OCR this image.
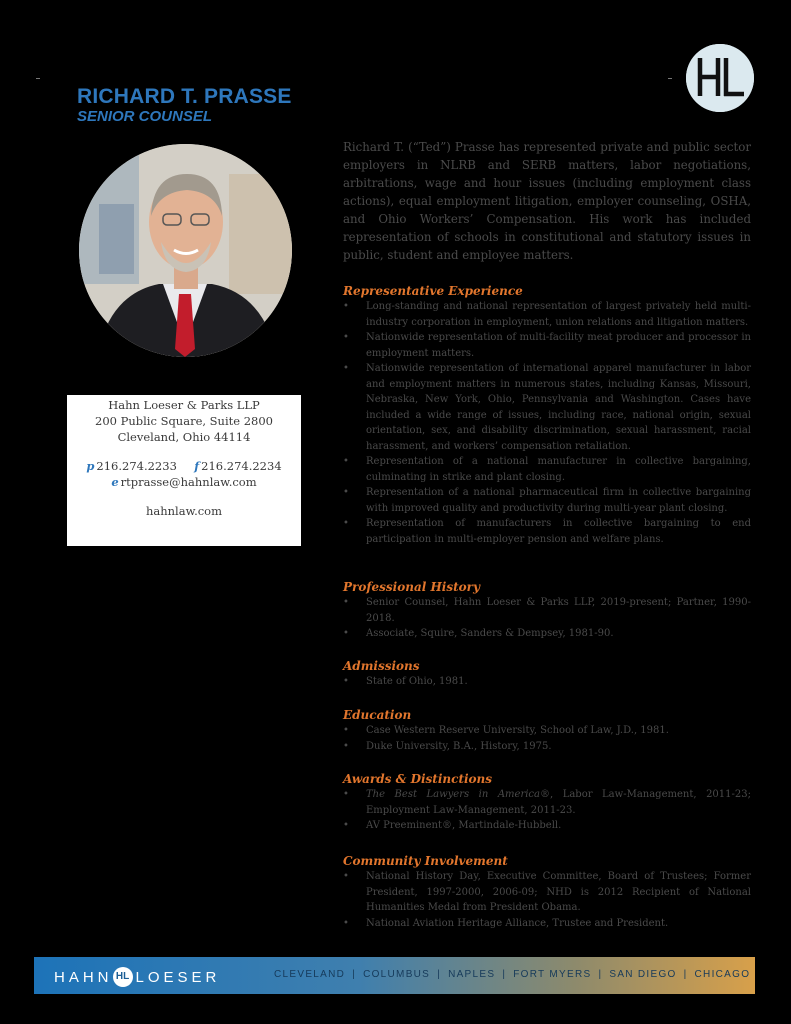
RICHARD T. PRASSE
SENIOR COUNSEL
Hahn Loeser & Parks LLP
200 Public Square, Suite 2800
Cleveland, Ohio 44114
p 216.274.2233 f 216.274.2234
e rtprasse@hahnlaw.com
hahnlaw.com
Richard T. (“Ted”) Prasse has represented private and public sector employers in NLRB and SERB matters, labor negotiations, arbitrations, wage and hour issues (including employment class actions), equal employment litigation, employer counseling, OSHA, and Ohio Workers’ Compensation. His work has included representation of schools in constitutional and statutory issues in public, student and employee matters.
Representative Experience
• Long-standing and national representation of largest privately held multi-industry corporation in employment, union relations and litigation matters.
• Nationwide representation of multi-facility meat producer and processor in employment matters.
• Nationwide representation of international apparel manufacturer in labor and employment matters in numerous states, including Kansas, Missouri, Nebraska, New York, Ohio, Pennsylvania and Washington. Cases have included a wide range of issues, including race, national origin, sexual orientation, sex, and disability discrimination, sexual harassment, racial harassment, and workers’ compensation retaliation.
• Representation of a national manufacturer in collective bargaining, culminating in strike and plant closing.
• Representation of a national pharmaceutical firm in collective bargaining with improved quality and productivity during multi-year plant closing.
• Representation of manufacturers in collective bargaining to end participation in multi-employer pension and welfare plans.
Professional History
• Senior Counsel, Hahn Loeser & Parks LLP, 2019-present; Partner, 1990-2018.
• Associate, Squire, Sanders & Dempsey, 1981-90.
Admissions
• State of Ohio, 1981.
Education
• Case Western Reserve University, School of Law, J.D., 1981.
• Duke University, B.A., History, 1975.
Awards & Distinctions
• The Best Lawyers in America®, Labor Law-Management, 2011-23; Employment Law-Management, 2011-23.
• AV Preeminent®, Martindale-Hubbell.
Community Involvement
• National History Day, Executive Committee, Board of Trustees; Former President, 1997-2000, 2006-09; NHD is 2012 Recipient of National Humanities Medal from President Obama.
• National Aviation Heritage Alliance, Trustee and President.
HAHN HL LOESER	CLEVELAND | COLUMBUS | NAPLES | FORT MYERS | SAN DIEGO | CHICAGO
